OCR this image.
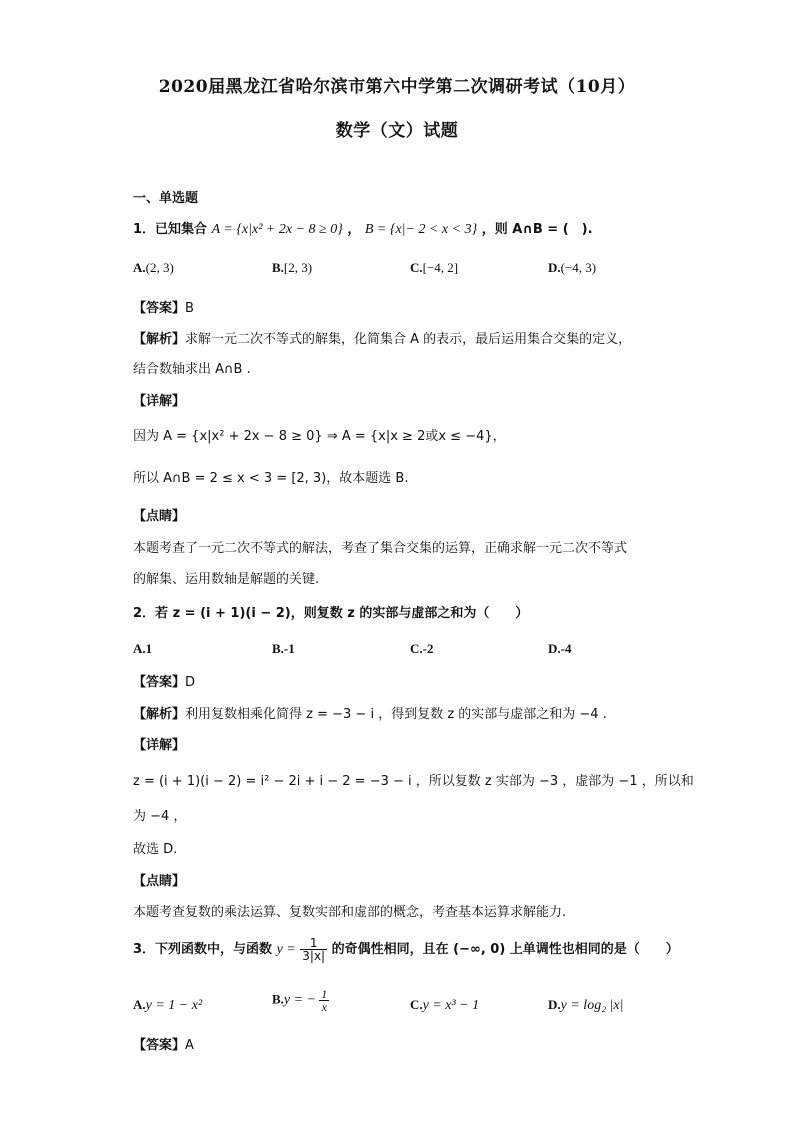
2020届黑龙江省哈尔滨市第六中学第二次调研考试（10月）
数学（文）试题
一、单选题
1．已知集合 A = {x|x² + 2x − 8 ≥ 0} ， B = {x|− 2 < x < 3} ，则 A∩B = (　).
A.(2, 3)	B.[2, 3)	C.[−4, 2]	D.(−4, 3)
【答案】B
【解析】求解一元二次不等式的解集，化简集合 A 的表示，最后运用集合交集的定义，
结合数轴求出 A∩B .
【详解】
因为 A = {x|x² + 2x − 8 ≥ 0} ⇒ A = {x|x ≥ 2或x ≤ −4}，
所以 A∩B = 2 ≤ x < 3 = [2, 3)，故本题选 B.
【点睛】
本题考查了一元二次不等式的解法，考查了集合交集的运算，正确求解一元二次不等式
的解集、运用数轴是解题的关键.
2．若 z = (i + 1)(i − 2)，则复数 z 的实部与虚部之和为（　　）
A.1	B.-1	C.-2	D.-4
【答案】D
【解析】利用复数相乘化简得 z = −3 − i ，得到复数 z 的实部与虚部之和为 −4 .
【详解】
z = (i + 1)(i − 2) = i² − 2i + i − 2 = −3 − i ，所以复数 z 实部为 −3 ，虚部为 −1 ，所以和
为 −4 ，
故选 D.
【点睛】
本题考查复数的乘法运算、复数实部和虚部的概念，考查基本运算求解能力.
3．下列函数中，与函数 $y = \frac{1}{3|x|}$ 的奇偶性相同，且在 (−∞, 0) 上单调性也相同的是（　　）
A.y = 1 − x²	B.y = − $\frac{1}{x}$	C.y = x³ − 1	D.y = log₂ |x|
【答案】A
